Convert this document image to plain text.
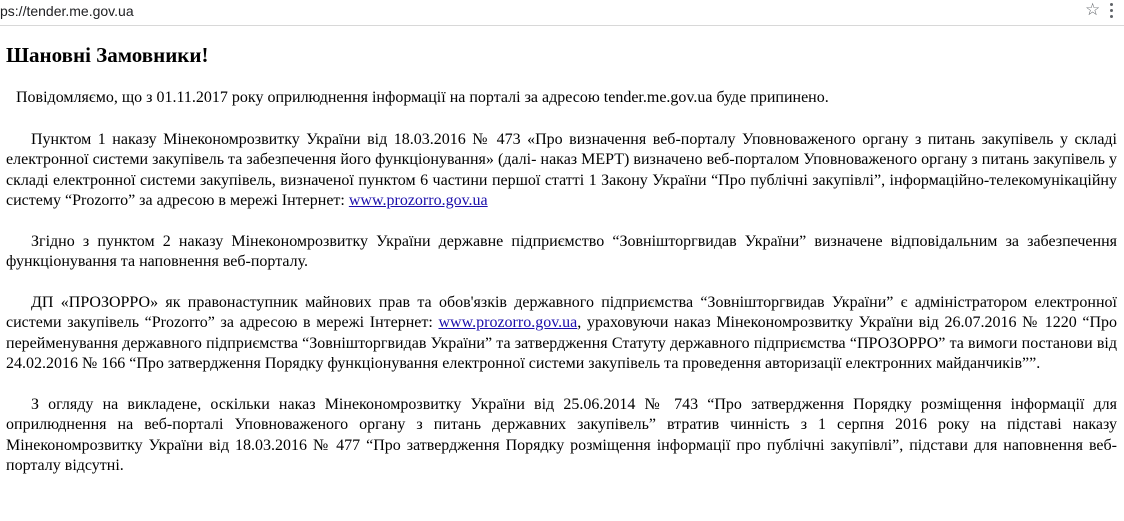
ps://tender.me.gov.ua	☆
Шановні Замовники!

Повідомляємо, що з 01.11.2017 року оприлюднення інформації на порталі за адресою tender.me.gov.ua буде припинено.

Пунктом 1 наказу Мінекономрозвитку України від 18.03.2016 № 473 «Про визначення веб-порталу Уповноваженого органу з питань закупівель у складі електронної системи закупівель та забезпечення його функціонування» (далі- наказ МЕРТ) визначено веб-порталом Уповноваженого органу з питань закупівель у складі електронної системи закупівель, визначеної пунктом 6 частини першої статті 1 Закону України “Про публічні закупівлі”, інформаційно-телекомунікаційну систему “Prozorro” за адресою в мережі Інтернет: www.prozorro.gov.ua

Згідно з пунктом 2 наказу Мінекономрозвитку України державне підприємство “Зовнішторгвидав України” визначене відповідальним за забезпечення функціонування та наповнення веб-порталу.

ДП «ПРОЗОРРО» як правонаступник майнових прав та обов'язків державного підприємства “Зовнішторгвидав України” є адміністратором електронної системи закупівель “Prozorro” за адресою в мережі Інтернет: www.prozorro.gov.ua, ураховуючи наказ Мінекономрозвитку України від 26.07.2016 № 1220 “Про перейменування державного підприємства “Зовнішторгвидав України” та затвердження Статуту державного підприємства “ПРОЗОРРО” та вимоги постанови від 24.02.2016 № 166 “Про затвердження Порядку функціонування електронної системи закупівель та проведення авторизації електронних майданчиків””.

З огляду на викладене, оскільки наказ Мінекономрозвитку України від 25.06.2014 № 743 “Про затвердження Порядку розміщення інформації для оприлюднення на веб-порталі Уповноваженого органу з питань державних закупівель” втратив чинність з 1 серпня 2016 року на підставі наказу Мінекономрозвитку України від 18.03.2016 № 477 “Про затвердження Порядку розміщення інформації про публічні закупівлі”, підстави для наповнення веб-порталу відсутні.
